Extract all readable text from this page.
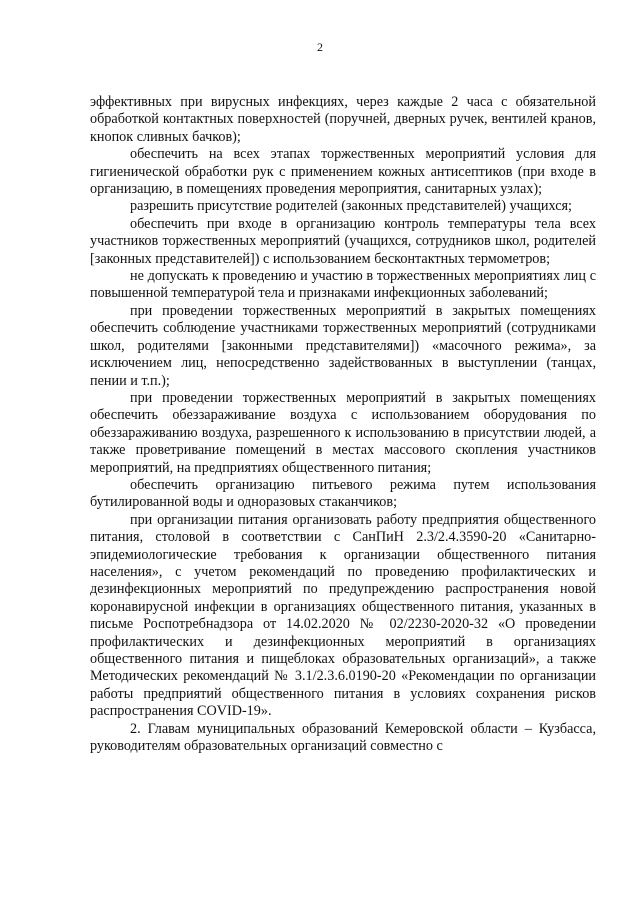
2

эффективных при вирусных инфекциях, через каждые 2 часа с обязательной обработкой контактных поверхностей (поручней, дверных ручек, вентилей кранов, кнопок сливных бачков);

обеспечить на всех этапах торжественных мероприятий условия для гигиенической обработки рук с применением кожных антисептиков (при входе в организацию, в помещениях проведения мероприятия, санитарных узлах);

разрешить присутствие родителей (законных представителей) учащихся;

обеспечить при входе в организацию контроль температуры тела всех участников торжественных мероприятий (учащихся, сотрудников школ, родителей [законных представителей]) с использованием бесконтактных термометров;

не допускать к проведению и участию в торжественных мероприятиях лиц с повышенной температурой тела и признаками инфекционных заболеваний;

при проведении торжественных мероприятий в закрытых помещениях обеспечить соблюдение участниками торжественных мероприятий (сотрудниками школ, родителями [законными представителями]) «масочного режима», за исключением лиц, непосредственно задействованных в выступлении (танцах, пении и т.п.);

при проведении торжественных мероприятий в закрытых помещениях обеспечить обеззараживание воздуха с использованием оборудования по обеззараживанию воздуха, разрешенного к использованию в присутствии людей, а также проветривание помещений в местах массового скопления участников мероприятий, на предприятиях общественного питания;

обеспечить организацию питьевого режима путем использования бутилированной воды и одноразовых стаканчиков;

при организации питания организовать работу предприятия общественного питания, столовой в соответствии с СанПиН 2.3/2.4.3590-20 «Санитарно-эпидемиологические требования к организации общественного питания населения», с учетом рекомендаций по проведению профилактических и дезинфекционных мероприятий по предупреждению распространения новой коронавирусной инфекции в организациях общественного питания, указанных в письме Роспотребнадзора от 14.02.2020 № 02/2230-2020-32 «О проведении профилактических и дезинфекционных мероприятий в организациях общественного питания и пищеблоках образовательных организаций», а также Методических рекомендаций № 3.1/2.3.6.0190-20 «Рекомендации по организации работы предприятий общественного питания в условиях сохранения рисков распространения COVID-19».

2. Главам муниципальных образований Кемеровской области – Кузбасса, руководителям образовательных организаций совместно с
